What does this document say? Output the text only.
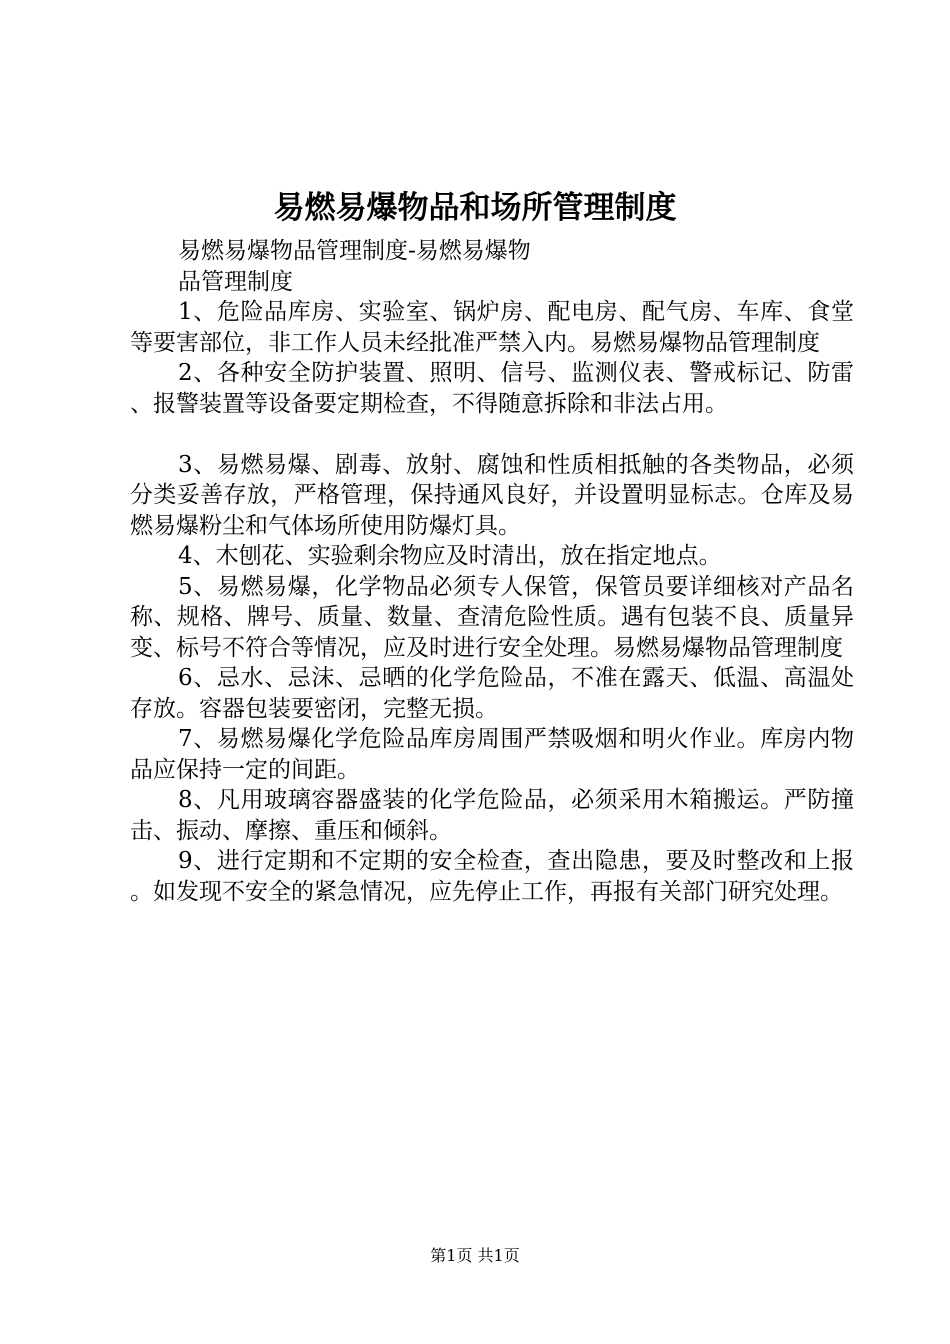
易燃易爆物品和场所管理制度

易燃易爆物品管理制度-易燃易爆物

品管理制度

1、危险品库房、实验室、锅炉房、配电房、配气房、车库、食堂等要害部位，非工作人员未经批准严禁入内。易燃易爆物品管理制度

2、各种安全防护装置、照明、信号、监测仪表、警戒标记、防雷、报警装置等设备要定期检查，不得随意拆除和非法占用。

3、易燃易爆、剧毒、放射、腐蚀和性质相抵触的各类物品，必须分类妥善存放，严格管理，保持通风良好，并设置明显标志。仓库及易燃易爆粉尘和气体场所使用防爆灯具。

4、木刨花、实验剩余物应及时清出，放在指定地点。

5、易燃易爆，化学物品必须专人保管，保管员要详细核对产品名称、规格、牌号、质量、数量、查清危险性质。遇有包装不良、质量异变、标号不符合等情况，应及时进行安全处理。易燃易爆物品管理制度

6、忌水、忌沫、忌晒的化学危险品，不准在露天、低温、高温处存放。容器包装要密闭，完整无损。

7、易燃易爆化学危险品库房周围严禁吸烟和明火作业。库房内物品应保持一定的间距。

8、凡用玻璃容器盛装的化学危险品，必须采用木箱搬运。严防撞击、振动、摩擦、重压和倾斜。

9、进行定期和不定期的安全检查，查出隐患，要及时整改和上报。如发现不安全的紧急情况，应先停止工作，再报有关部门研究处理。

第1页 共1页
